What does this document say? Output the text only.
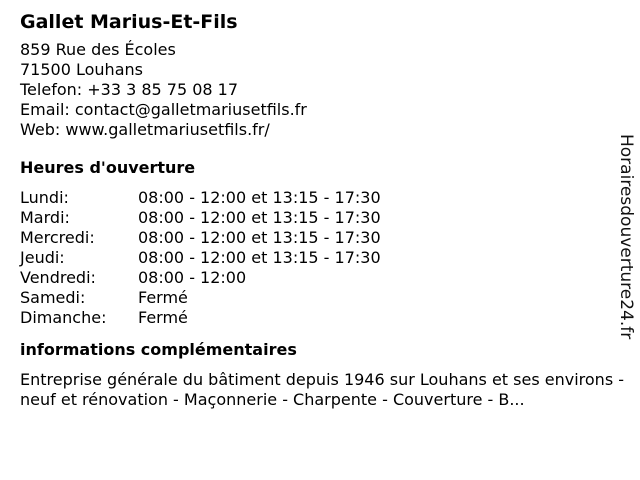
Gallet Marius-Et-Fils
859 Rue des Écoles
71500 Louhans
Telefon: +33 3 85 75 08 17
Email: contact@galletmariusetfils.fr
Web: www.galletmariusetfils.fr/
Heures d'ouverture
Lundi:	08:00 - 12:00 et 13:15 - 17:30
Mardi:	08:00 - 12:00 et 13:15 - 17:30
Mercredi:	08:00 - 12:00 et 13:15 - 17:30
Jeudi:	08:00 - 12:00 et 13:15 - 17:30
Vendredi:	08:00 - 12:00
Samedi:	Fermé
Dimanche:	Fermé
informations complémentaires
Entreprise générale du bâtiment depuis 1946 sur Louhans et ses environs - neuf et rénovation - Maçonnerie - Charpente - Couverture - B...
Horairesdouverture24.fr
